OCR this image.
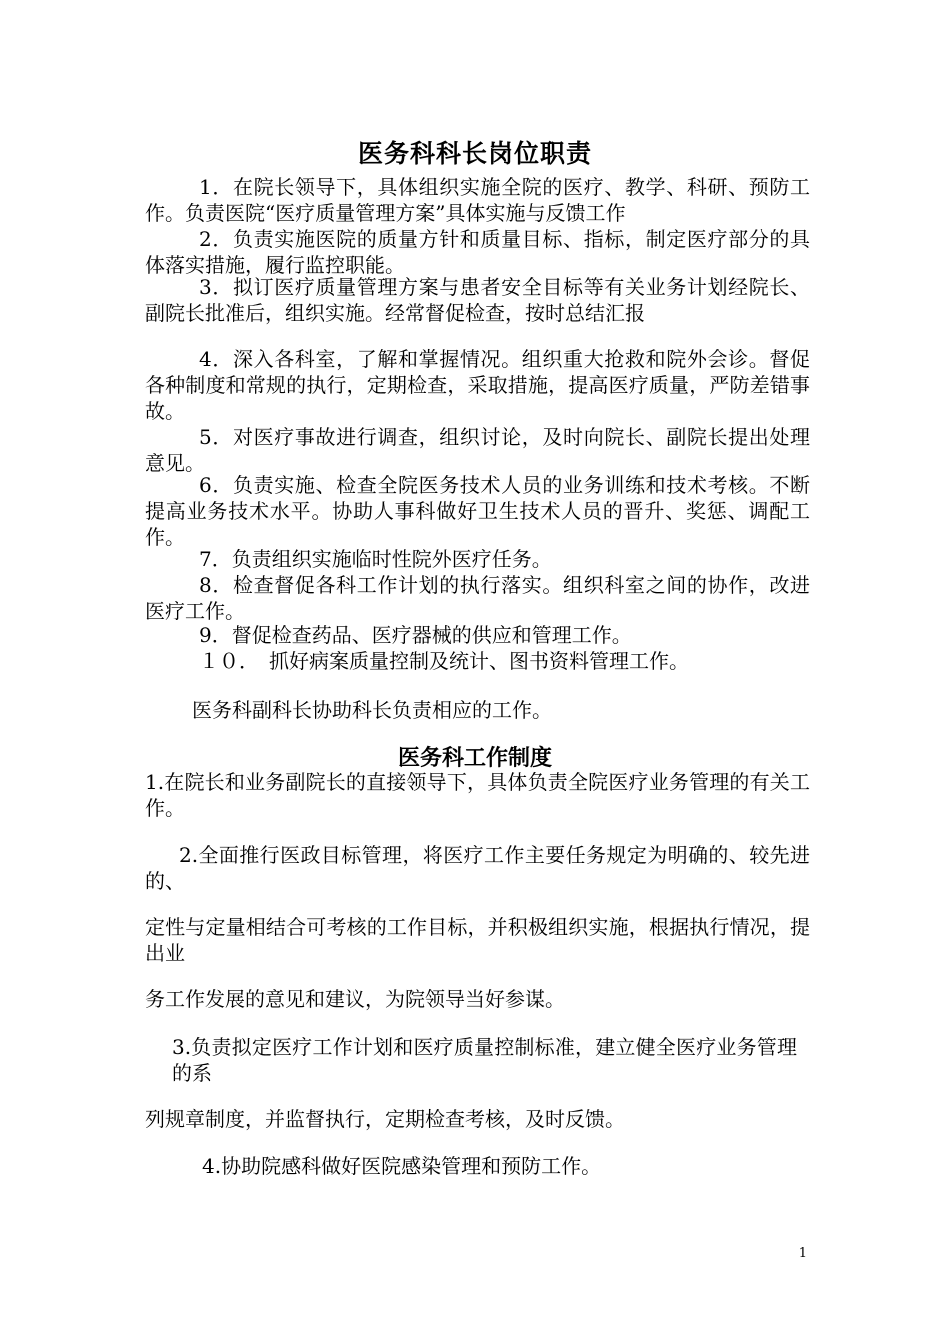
医务科科长岗位职责

1．在院长领导下，具体组织实施全院的医疗、教学、科研、预防工作。负责医院“医疗质量管理方案”具体实施与反馈工作

2．负责实施医院的质量方针和质量目标、指标，制定医疗部分的具体落实措施，履行监控职能。

3．拟订医疗质量管理方案与患者安全目标等有关业务计划经院长、副院长批准后，组织实施。经常督促检查，按时总结汇报

4．深入各科室，了解和掌握情况。组织重大抢救和院外会诊。督促各种制度和常规的执行，定期检查，采取措施，提高医疗质量，严防差错事故。

5．对医疗事故进行调查，组织讨论，及时向院长、副院长提出处理意见。

6．负责实施、检查全院医务技术人员的业务训练和技术考核。不断提高业务技术水平。协助人事科做好卫生技术人员的晋升、奖惩、调配工作。

7．负责组织实施临时性院外医疗任务。

8．检查督促各科工作计划的执行落实。组织科室之间的协作，改进医疗工作。

9．督促检查药品、医疗器械的供应和管理工作。

１０．　抓好病案质量控制及统计、图书资料管理工作。

医务科副科长协助科长负责相应的工作。

医务科工作制度

1.在院长和业务副院长的直接领导下，具体负责全院医疗业务管理的有关工作。

2.全面推行医政目标管理，将医疗工作主要任务规定为明确的、较先进的、

定性与定量相结合可考核的工作目标，并积极组织实施，根据执行情况，提出业

务工作发展的意见和建议，为院领导当好参谋。

3.负责拟定医疗工作计划和医疗质量控制标准，建立健全医疗业务管理的系

列规章制度，并监督执行，定期检查考核，及时反馈。

4.协助院感科做好医院感染管理和预防工作。

1
